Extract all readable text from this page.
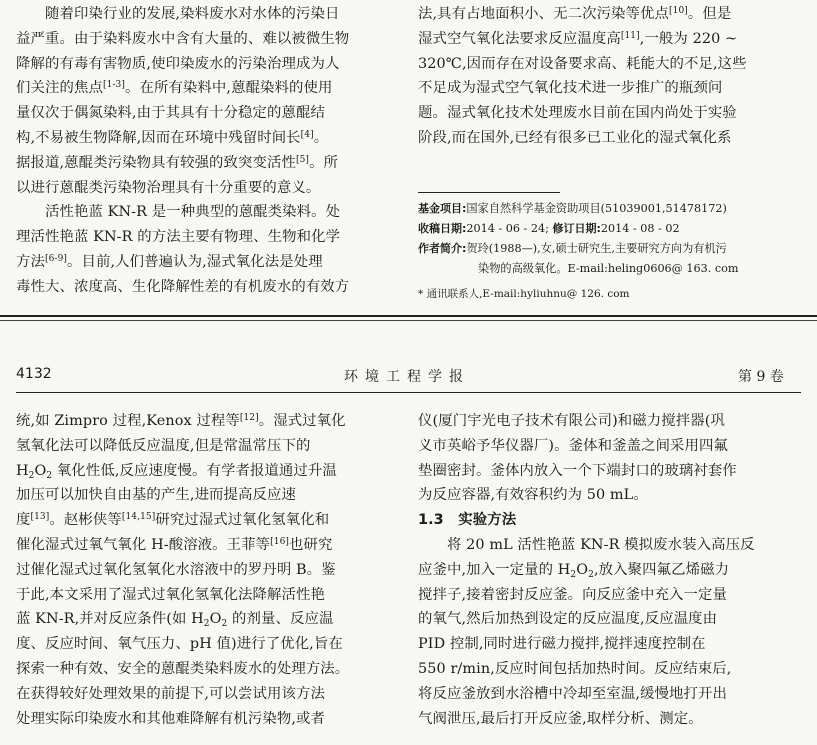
随着印染行业的发展,染料废水对水体的污染日
益严重。由于染料废水中含有大量的、难以被微生物
降解的有毒有害物质,使印染废水的污染治理成为人
们关注的焦点[1-3]。在所有染料中,蒽醌染料的使用
量仅次于偶氮染料,由于其具有十分稳定的蒽醌结
构,不易被生物降解,因而在环境中残留时间长[4]。
据报道,蒽醌类污染物具有较强的致突变活性[5]。所
以进行蒽醌类污染物治理具有十分重要的意义。
活性艳蓝 KN-R 是一种典型的蒽醌类染料。处
理活性艳蓝 KN-R 的方法主要有物理、生物和化学
方法[6-9]。目前,人们普遍认为,湿式氧化法是处理
毒性大、浓度高、生化降解性差的有机废水的有效方
法,具有占地面积小、无二次污染等优点[10]。但是
湿式空气氧化法要求反应温度高[11],一般为 220 ~
320℃,因而存在对设备要求高、耗能大的不足,这些
不足成为湿式空气氧化技术进一步推广的瓶颈问
题。湿式氧化技术处理废水目前在国内尚处于实验
阶段,而在国外,已经有很多已工业化的湿式氧化系
基金项目:国家自然科学基金资助项目(51039001,51478172)
收稿日期:2014 - 06 - 24; 修订日期:2014 - 08 - 02
作者简介:贺玲(1988—),女,硕士研究生,主要研究方向为有机污
染物的高级氧化。E-mail:heling0606@ 163. com
* 通讯联系人,E-mail:hyliuhnu@ 126. com
4132	环境工程学报	第 9 卷
统,如 Zimpro 过程,Kenox 过程等[12]。湿式过氧化
氢氧化法可以降低反应温度,但是常温常压下的
$H_2O_2$ 氧化性低,反应速度慢。有学者报道通过升温
加压可以加快自由基的产生,进而提高反应速
度[13]。赵彬侠等[14,15]研究过湿式过氧化氢氧化和
催化湿式过氧气氧化 H-酸溶液。王菲等[16]也研究
过催化湿式过氧化氢氧化水溶液中的罗丹明 B。鉴
于此,本文采用了湿式过氧化氢氧化法降解活性艳
蓝 KN-R,并对反应条件(如 $H_2O_2$ 的剂量、反应温
度、反应时间、氧气压力、pH 值)进行了优化,旨在
探索一种有效、安全的蒽醌类染料废水的处理方法。
在获得较好处理效果的前提下,可以尝试用该方法
处理实际印染废水和其他难降解有机污染物,或者
仪(厦门宇光电子技术有限公司)和磁力搅拌器(巩
义市英峪予华仪器厂)。釜体和釜盖之间采用四氟
垫圈密封。釜体内放入一个下端封口的玻璃衬套作
为反应容器,有效容积约为 50 mL。
1.3　实验方法
将 20 mL 活性艳蓝 KN-R 模拟废水装入高压反
应釜中,加入一定量的 $H_2O_2$,放入聚四氟乙烯磁力
搅拌子,接着密封反应釜。向反应釜中充入一定量
的氧气,然后加热到设定的反应温度,反应温度由
PID 控制,同时进行磁力搅拌,搅拌速度控制在
550 r/min,反应时间包括加热时间。反应结束后,
将反应釜放到水浴槽中冷却至室温,缓慢地打开出
气阀泄压,最后打开反应釜,取样分析、测定。
